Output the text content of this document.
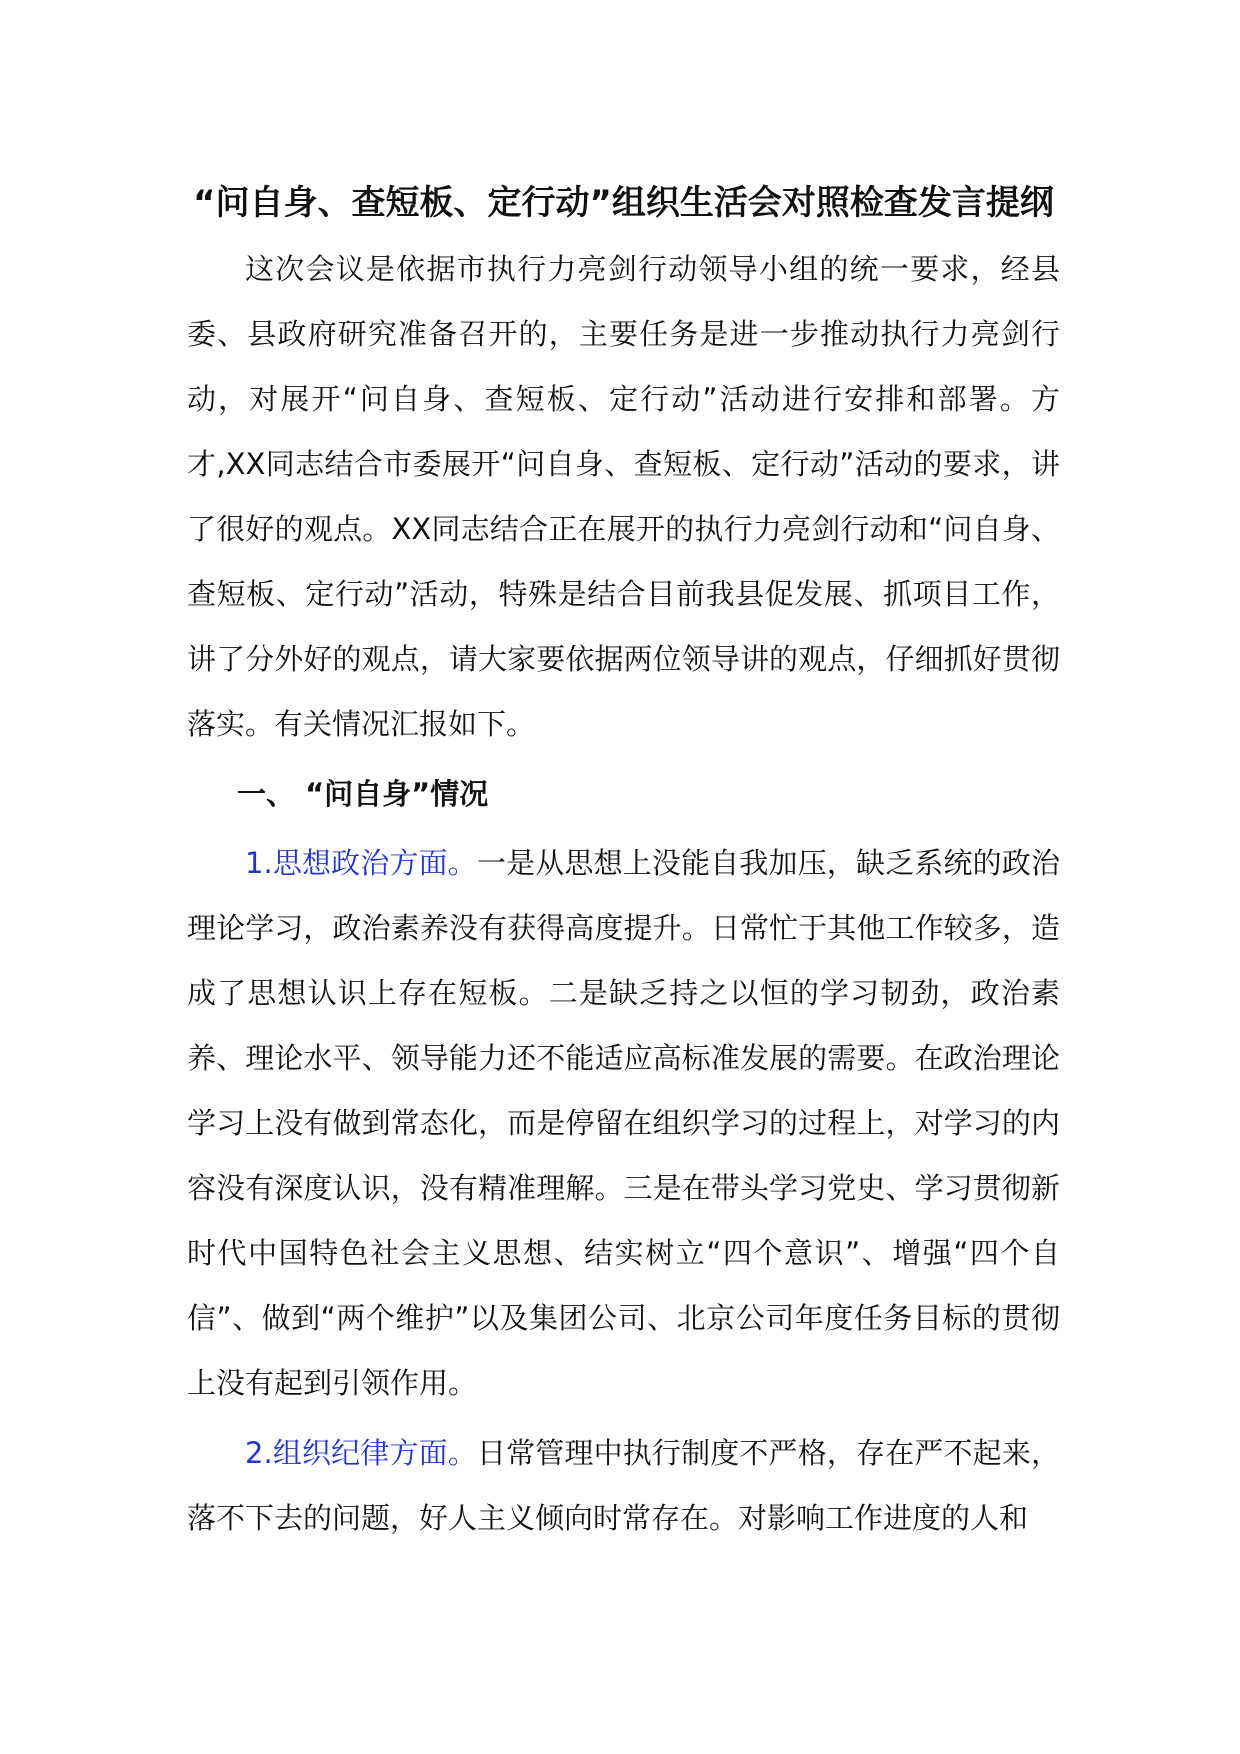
“问自身、查短板、定行动”组织生活会对照检查发言提纲

这次会议是依据市执行力亮剑行动领导小组的统一要求，经县委、县政府研究准备召开的，主要任务是进一步推动执行力亮剑行动，对展开“问自身、查短板、定行动”活动进行安排和部署。方才,XX同志结合市委展开“问自身、查短板、定行动”活动的要求，讲了很好的观点。XX同志结合正在展开的执行力亮剑行动和“问自身、查短板、定行动”活动，特殊是结合目前我县促发展、抓项目工作，讲了分外好的观点，请大家要依据两位领导讲的观点，仔细抓好贯彻落实。有关情况汇报如下。

一、 “问自身”情况

1.思想政治方面。一是从思想上没能自我加压，缺乏系统的政治理论学习，政治素养没有获得高度提升。日常忙于其他工作较多，造成了思想认识上存在短板。二是缺乏持之以恒的学习韧劲，政治素养、理论水平、领导能力还不能适应高标准发展的需要。在政治理论学习上没有做到常态化，而是停留在组织学习的过程上，对学习的内容没有深度认识，没有精准理解。三是在带头学习党史、学习贯彻新时代中国特色社会主义思想、结实树立“四个意识”、增强“四个自信”、做到“两个维护”以及集团公司、北京公司年度任务目标的贯彻上没有起到引领作用。

2.组织纪律方面。日常管理中执行制度不严格，存在严不起来，落不下去的问题，好人主义倾向时常存在。对影响工作进度的人和
